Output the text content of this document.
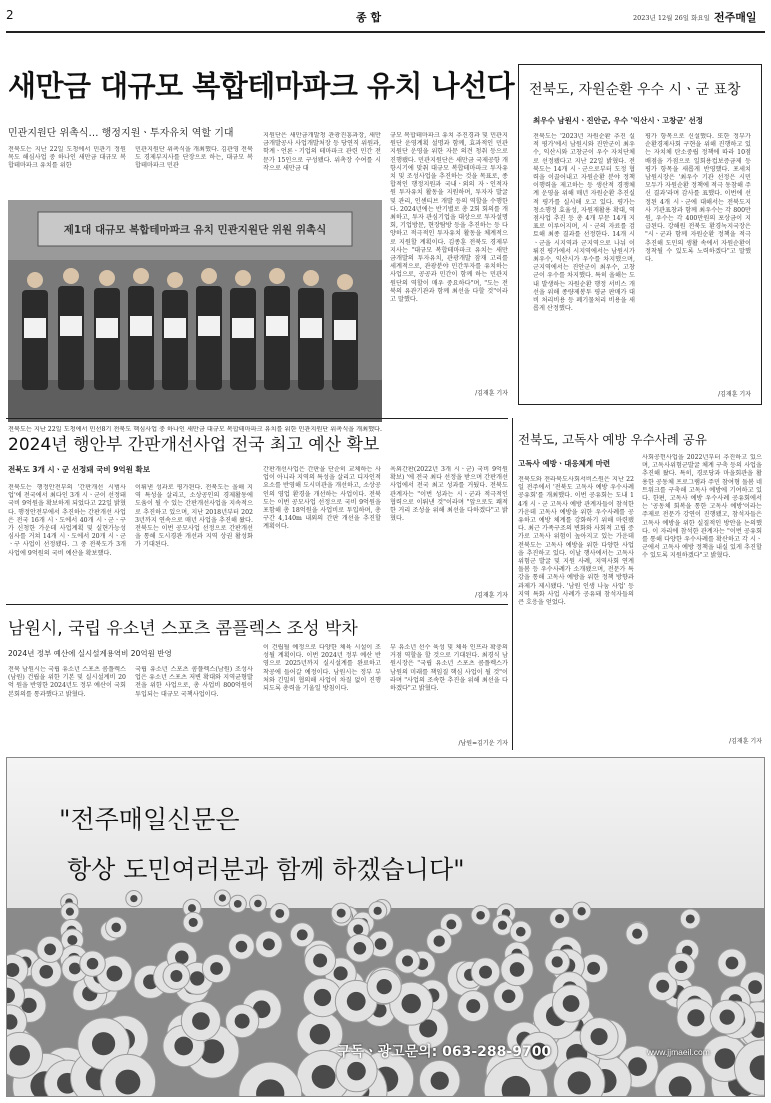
2	종 합	2023년 12월 26일 화요일 전주매일
새만금 대규모 복합테마파크 유치 나선다
민관지원단 위촉식… 행정지원ㆍ투자유치 역할 기대
전북도는 지난 22일 도청에서 민관기 정원목도 해심사업 중 하나인 새만금 대규모 복합테마파크 유치를 위한
민관지원단 위촉식을 개최했다. 김관영 전북도 경제부지사를 단장으로 하는, 대규모 복합테마파크 민관
지원단은 새만금개발청 관광진흥과장, 새만금개발공사 사업개발처장 등 당연직 위원과, 학계ㆍ언론ㆍ기업의 테마파크 관련 민간 전문가 15인으로 구성됐다. 위촉장 수여를 시작으로 새만금 대
규모 복합테마파크 유치 추진경과 및 민관지원단 운영계획 설명과 함께, 효과적인 민관지원단 운영을 위한 자문 의견 청취 등으로 진행됐다. 민관지원단은 새만금 국제공항 개항시기에 맞춰 대규모 복합테마파크 투자유치 및 조성사업을 추진하는 것을 목표로, 종합적인 행정지원과 국내ㆍ외의 자ㆍ인적자원 투자유치 활동을 지원하며, 투자자 발굴 및 관리, 인센티브 개발 등의 역할을 수행한다. 2024년에는 반기별로 총 2회 회의를 개최하고, 투자 관심기업을 대상으로 투자설명회, 기업방문, 현장탐방 등을 추진하는 등 다양하고 적극적인 투자유치 활동을 체계적으로 지원할 계획이다. 김종훈 전북도 경제부지사는 "대규모 복합테마파크 유치는 새만금개발의 투자유치, 관광개발 잠재 고리를 세계적으로, 관광분야 민간투자를 유치하는 사업으로, 공공과 민간이 함께 하는 민관지원단의 역할이 매우 중요하다"며, "도는 전북의 유관기관과 함께 최선을 다할 것"이라고 말했다.
제1대 대규모 복합테마파크 유치 민관지원단 위원 위촉식
전북도는 지난 22일 도청에서 민선8기 전북도 핵심사업 중 하나인 새만금 대규모 복합테마파크 유치를 위한 민관지원단 위촉식을 개최했다.
/김재훈 기자
전북도, 자원순환 우수 시ㆍ군 표창
최우수 남원시ㆍ진안군, 우수 '익산시ㆍ고창군' 선정
전북도는 '2023년 자원순환 추진 실적 평가'에서 남원시와 진안군이 최우수, 익산시와 고창군이 우수 자치단체로 선정됐다고 지난 22일 밝혔다. 전북도는 14개 시ㆍ군으로부터 도정 협력을 이끌어내고 자원순환 분야 정책 이행력을 제고하는 등 생산적 경쟁체계 운영을 위해 매년 자원순환 추진실적 평가를 실시해 오고 있다. 평가는 청소행정 효율성, 자원재활용 확대, 역점사업 추진 등 총 4개 부문 14개 지표로 이루어지며, 시ㆍ군의 자료를 검토해 최종 결과를 선정한다. 14개 시ㆍ군을 시지역과 군지역으로 나눠 이뤄진 평가에서 시지역에서는 남원시가 최우수, 익산시가 우수를 차지했으며, 군지역에서는 진안군이 최우수, 고창군이 우수를 차지했다. 특히 올해는 도내 발생하는 자원순환 행정 서비스 개선을 위해 종량제봉투 평균 판매가 대비 처리비용 등 폐기물처리 비용을 새롭게 산정했다.
평가 항목으로 신설했다. 또한 정부가 순환경제사회 구현을 위해 진행하고 있는 자치체 탄소중립 정책에 따라 10점 배점을 가점으로 일회용컵보증금제 등 평가 항목을 새롭게 반영했다. 포세치 남원시장은 '최우수 기관 선정은 시민 모두가 자원순환 정책에 적극 동참해 주신 결과'라며 감사를 표했다. 이번에 선정된 4개 시ㆍ군에 대해서는 전북도지사 기관표창과 함께 최우수는 각 800만원, 우수는 각 400만원의 포상금이 지급된다. 강해원 전북도 환경녹지국장은 "시ㆍ군과 함께 자원순환 정책을 적극 추진해 도민의 생활 속에서 자원순환이 정착될 수 있도록 노력하겠다"고 말했다.
/김재훈 기자
2024년 행안부 간판개선사업 전국 최고 예산 확보
전북도 3개 시ㆍ군 선정돼 국비 9억원 확보
전북도는 행정안전부의 '간판개선 시범사업'에 전국에서 최다인 3개 시ㆍ군이 선정돼 국비 9억원을 확보하게 되었다고 22일 밝혔다. 행정안전부에서 추진하는 간판개선 사업은 전국 16개 시ㆍ도에서 40개 시ㆍ군ㆍ구가 신청한 가운데 사업계획 및 실현가능성 심사를 거쳐 14개 시ㆍ도에서 20개 시ㆍ군ㆍ구 사업이 선정됐다. 그 중 전북도가 3개 사업에 9억원의 국비 예산을 확보했다.
이뤄낸 성과로 평가된다. 전북도는 올해 지역 특성을 살리고, 소상공인의 경제활동에 도움이 될 수 있는 간판개선사업을 지속적으로 추진하고 있으며, 지난 2018년부터 2023년까지 연속으로 매년 사업을 추진해 왔다. 전북도는 이번 공모사업 선정으로 간판개선을 통해 도시경관 개선과 지역 상권 활성화가 기대된다.
간판개선사업은 간판을 단순히 교체하는 사업이 아니라 지역의 특성을 살리고 디자인적 요소를 반영해 도시미관을 개선하고, 소상공인의 영업 환경을 개선하는 사업이다. 전북도는 이번 공모사업 선정으로 국비 9억원을 포함해 총 18억원을 사업비로 투입하며, 총 구간 4,140m 내외의 간판 개선을 추진할 계획이다.
옥외간판(2022년 3개 시ㆍ군) 국비 9억원 확보) '에 전국 최다 선정을 받으며 간판개선 사업에서 전국 최고 성과를 거뒀다. 전북도 관계자는 "이번 성과는 시ㆍ군과 적극적인 협력으로 이뤄낸 것"이라며 "앞으로도 쾌적한 거리 조성을 위해 최선을 다하겠다"고 밝혔다.
/김재훈 기자
남원시, 국립 유소년 스포츠 콤플렉스 조성 박차
2024년 정부 예산에 실시설계용역비 20억원 반영
전북 남원시는 국립 유소년 스포츠 콤플렉스(남원) 건립을 위한 기본 및 실시설계비 20억 원을 반영한 2024년도 정부 예산이 국회 본회의를 통과했다고 밝혔다.
국립 유소년 스포츠 콤플렉스(남원) 조성사업은 유소년 스포츠 저변 확대와 지역균형발전을 위한 사업으로, 총 사업비 800억원이 투입되는 대규모 국책사업이다.
이 건립될 예정으로 다양한 체육 시설이 조성될 계획이다. 이번 2024년 정부 예산 반영으로 2025년까지 실시설계를 완료하고 착공에 들어갈 예정이다. 남원시는 정부 부처와 긴밀히 협의해 사업이 차질 없이 진행되도록 총력을 기울일 방침이다.
부 유소년 선수 육성 및 체육 인프라 확충의 거점 역할을 할 것으로 기대된다. 최경식 남원시장은 "국립 유소년 스포츠 콤플렉스가 남원의 미래를 책임질 핵심 사업이 될 것"이라며 "사업의 조속한 추진을 위해 최선을 다하겠다"고 밝혔다.
/남원=김기운 기자
전북도, 고독사 예방 우수사례 공유
고독사 예방ㆍ대응체계 마련
전북도와 전라북도사회서비스원은 지난 22일 전주에서 '전북도 고독사 예방 우수사례 공유회'를 개최했다. 이번 공유회는 도내 14개 시ㆍ군 고독사 예방 관계자들이 참석한 가운데 고독사 예방을 위한 우수사례를 공유하고 예방 체계를 강화하기 위해 마련됐다. 최근 가족구조의 변화와 사회적 고립 증가로 고독사 위험이 높아지고 있는 가운데 전북도는 고독사 예방을 위한 다양한 사업을 추진하고 있다. 이날 행사에서는 고독사 위험군 발굴 및 지원 사례, 지역사회 연계 돌봄 등 우수사례가 소개됐으며, 전문가 특강을 통해 고독사 예방을 위한 정책 방향과 과제가 제시됐다. '남원 인생 나눔 사업' 등 지역 특화 사업 사례가 공유돼 참석자들의 큰 호응을 얻었다.
사회공헌사업을 2022년부터 추진하고 있으며, 고독사위험군발굴 체계 구축 등의 사업을 추진해 왔다. 특히, 경로당과 마을회관을 활용한 공동체 프로그램과 주민 참여형 돌봄 네트워크를 구축해 고독사 예방에 기여하고 있다. 한편, 고독사 예방 우수사례 공유회에서는 '공동체 회복을 통한 고독사 예방'이라는 주제로 전문가 강연이 진행됐고, 참석자들은 고독사 예방을 위한 실질적인 방안을 논의했다. 이 자리에 참석한 관계자는 "이번 공유회를 통해 다양한 우수사례를 확산하고 각 시ㆍ군에서 고독사 예방 정책을 내실 있게 추진할 수 있도록 지원하겠다"고 밝혔다.
/김재훈 기자
"전주매일신문은
항상 도민여러분과 함께 하겠습니다"
구독ㆍ광고문의: 063-288-9700	www.jjmaeil.com
